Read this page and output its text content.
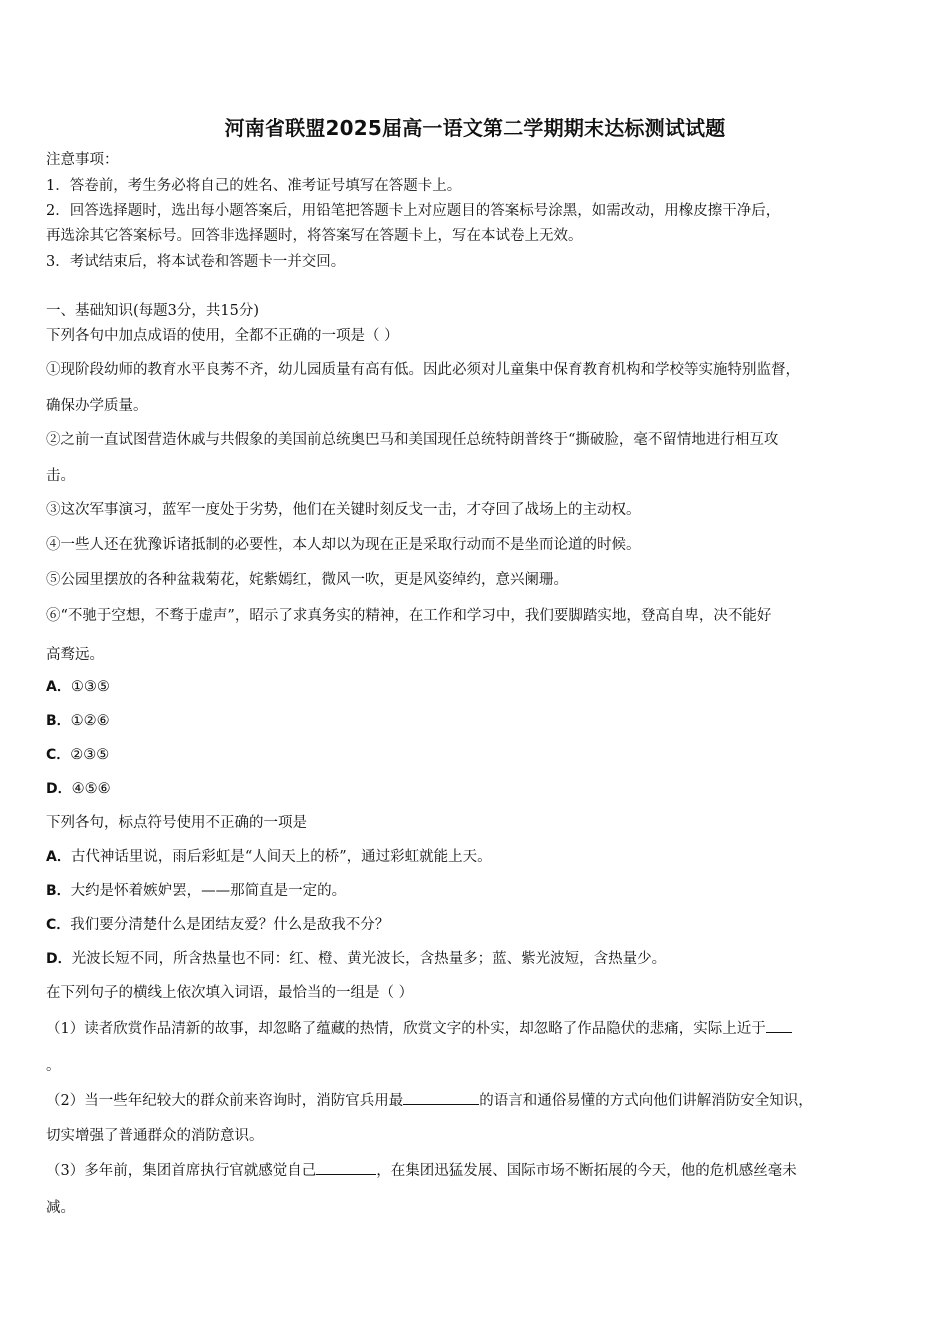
河南省联盟2025届高一语文第二学期期末达标测试试题
注意事项：
1．答卷前，考生务必将自己的姓名、准考证号填写在答题卡上。
2．回答选择题时，选出每小题答案后，用铅笔把答题卡上对应题目的答案标号涂黑，如需改动，用橡皮擦干净后，
再选涂其它答案标号。回答非选择题时，将答案写在答题卡上，写在本试卷上无效。
3．考试结束后，将本试卷和答题卡一并交回。
一、基础知识(每题3分，共15分)
下列各句中加点成语的使用，全都不正确的一项是（ ）
①现阶段幼师的教育水平良莠不齐，幼儿园质量有高有低。因此必须对儿童集中保育教育机构和学校等实施特别监督，
确保办学质量。
②之前一直试图营造休戚与共假象的美国前总统奥巴马和美国现任总统特朗普终于“撕破脸，毫不留情地进行相互攻
击。
③这次军事演习，蓝军一度处于劣势，他们在关键时刻反戈一击，才夺回了战场上的主动权。
④一些人还在犹豫诉诸抵制的必要性，本人却以为现在正是采取行动而不是坐而论道的时候。
⑤公园里摆放的各种盆栽菊花，姹紫嫣红，微风一吹，更是风姿绰约，意兴阑珊。
⑥“不驰于空想，不骛于虚声”，昭示了求真务实的精神，在工作和学习中，我们要脚踏实地，登高自卑，决不能好
高骛远。
A．①③⑤
B．①②⑥
C．②③⑤
D．④⑤⑥
下列各句，标点符号使用不正确的一项是
A．古代神话里说，雨后彩虹是“人间天上的桥”，通过彩虹就能上天。
B．大约是怀着嫉妒罢，——那简直是一定的。
C．我们要分清楚什么是团结友爱？什么是敌我不分？
D．光波长短不同，所含热量也不同：红、橙、黄光波长，含热量多；蓝、紫光波短，含热量少。
在下列句子的横线上依次填入词语，最恰当的一组是（ ）
（1）读者欣赏作品清新的故事，却忽略了蕴藏的热情，欣赏文字的朴实，却忽略了作品隐伏的悲痛，实际上近于
。
（2）当一些年纪较大的群众前来咨询时，消防官兵用最	的语言和通俗易懂的方式向他们讲解消防安全知识，
切实增强了普通群众的消防意识。
（3）多年前，集团首席执行官就感觉自己	，在集团迅猛发展、国际市场不断拓展的今天，他的危机感丝毫未
减。
